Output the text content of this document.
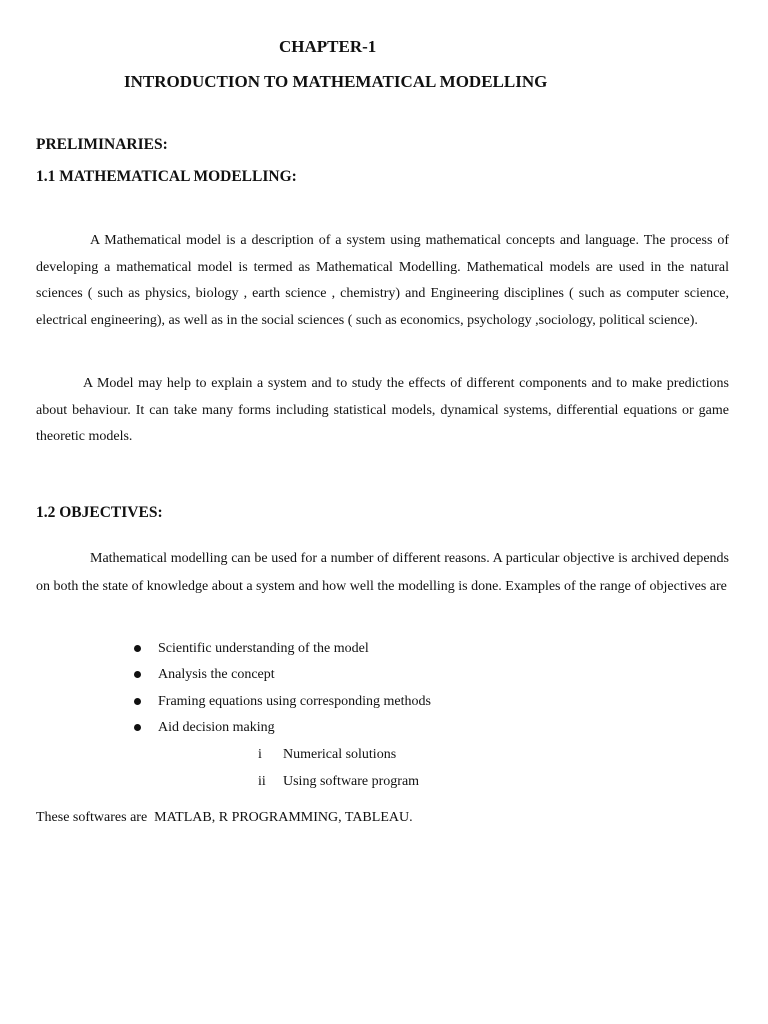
CHAPTER-1
INTRODUCTION TO MATHEMATICAL MODELLING
PRELIMINARIES:
1.1 MATHEMATICAL MODELLING:

A Mathematical model is a description of a system using mathematical concepts and language. The process of developing a mathematical model is termed as Mathematical Modelling. Mathematical models are used in the natural sciences ( such as physics, biology , earth science , chemistry) and Engineering disciplines ( such as computer science, electrical engineering), as well as in the social sciences ( such as economics, psychology ,sociology, political science).

A Model may help to explain a system and to study the effects of different components and to make predictions about behaviour. It can take many forms including statistical models, dynamical systems, differential equations or game theoretic models.

1.2 OBJECTIVES:

Mathematical modelling can be used for a number of different reasons. A particular objective is archived depends on both the state of knowledge about a system and how well the modelling is done. Examples of the range of objectives are

Scientific understanding of the model
Analysis the concept
Framing equations using corresponding methods
Aid decision making
i Numerical solutions
ii Using software program
These softwares are  MATLAB, R PROGRAMMING, TABLEAU.
